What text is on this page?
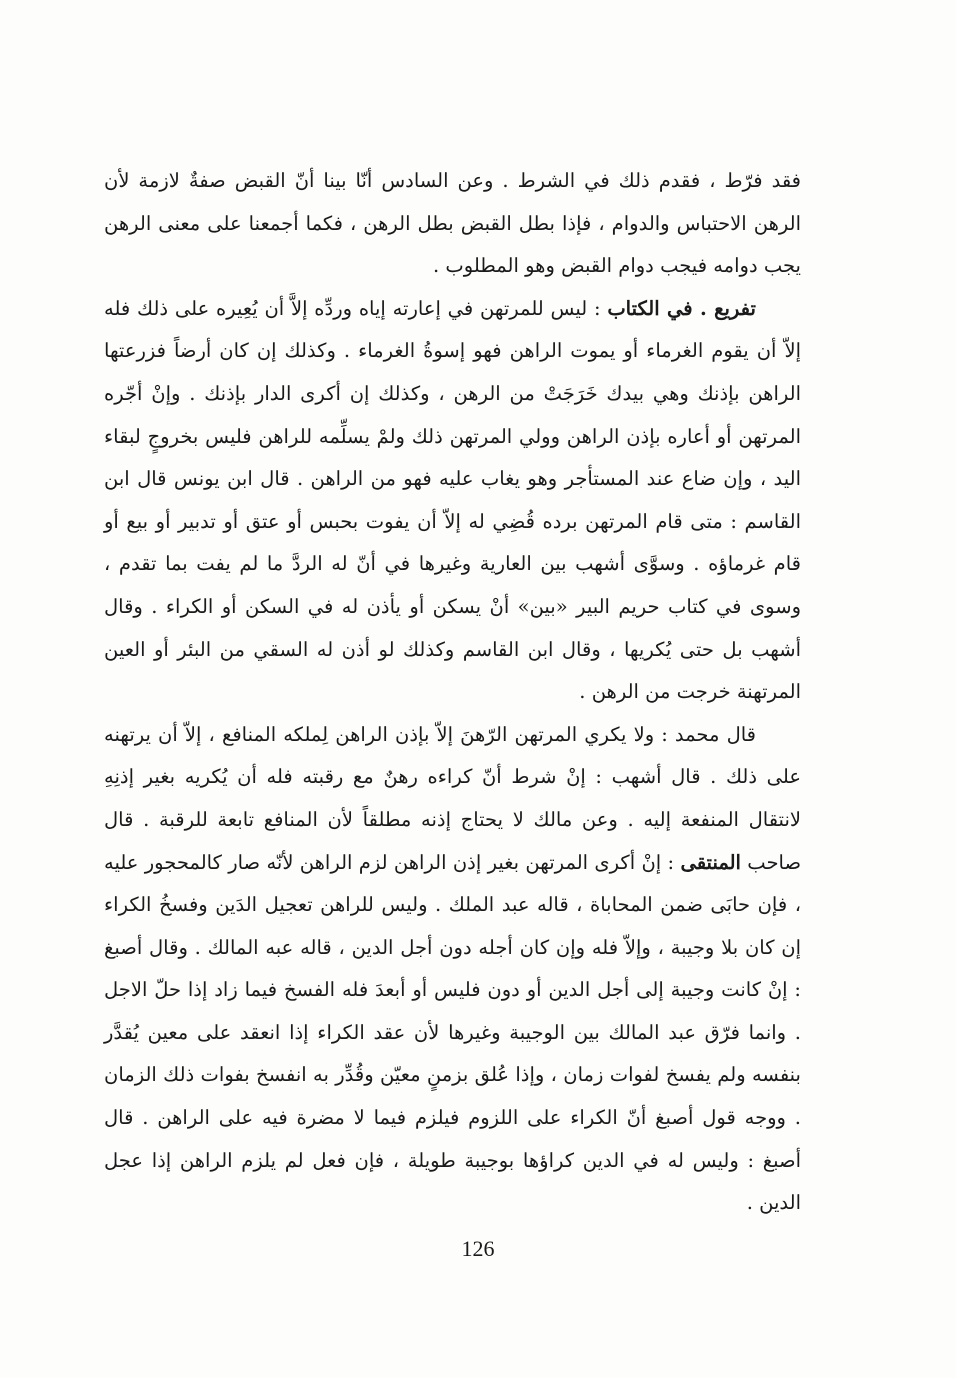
فقد فرّط ، فقدم ذلك في الشرط . وعن السادس أنّا بينا أنّ القبض صفةٌ لازمة لأن الرهن الاحتباس والدوام ، فإذا بطل القبض بطل الرهن ، فكما أجمعنا على معنى الرهن يجب دوامه فيجب دوام القبض وهو المطلوب .

تفريع . في الكتاب : ليس للمرتهن في إعارته إياه وردِّه إلاَّ أن يُعِيره على ذلك فله إلاّ أن يقوم الغرماء أو يموت الراهن فهو إسوةُ الغرماء . وكذلك إن كان أرضاً فزرعتها الراهن بإذنك وهي بيدك خَرَجَتْ من الرهن ، وكذلك إن أكرى الدار بإذنك . وإنْ أجّره المرتهن أو أعاره بإذن الراهن وولي المرتهن ذلك ولمْ يسلِّمه للراهن فليس بخروجٍ لبقاء اليد ، وإن ضاع عند المستأجر وهو يغاب عليه فهو من الراهن . قال ابن يونس قال ابن القاسم : متى قام المرتهن برده قُضِي له إلاّ أن يفوت بحبس أو عتق أو تدبير أو بيع أو قام غرماؤه . وسوَّى أشهب بين العارية وغيرها في أنّ له الردَّ ما لم يفت بما تقدم ، وسوى في كتاب حريم البير «بين» أنْ يسكن أو يأذن له في السكن أو الكراء . وقال أشهب بل حتى يُكريها ، وقال ابن القاسم وكذلك لو أذن له السقي من البئر أو العين المرتهنة خرجت من الرهن .

قال محمد : ولا يكري المرتهن الرّهنَ إلاّ بإذن الراهن لِملكه المنافع ، إلاّ أن يرتهنه على ذلك . قال أشهب : إنْ شرط أنّ كراءه رهنٌ مع رقبته فله أن يُكريه بغير إذنِهِ لانتقال المنفعة إليه . وعن مالك لا يحتاج إذنه مطلقاً لأن المنافع تابعة للرقبة . قال صاحب المنتقى : إنْ أكرى المرتهن بغير إذن الراهن لزم الراهن لأنّه صار كالمحجور عليه ، فإن حابَى ضمن المحاباة ، قاله عبد الملك . وليس للراهن تعجيل الدَين وفسخُ الكراء إن كان بلا وجيبة ، وإلاّ فله وإن كان أجله دون أجل الدين ، قاله عبه المالك . وقال أصبغ : إنْ كانت وجيبة إلى أجل الدين أو دون فليس أو أبعدَ فله الفسخ فيما زاد إذا حلّ الاجل . وانما فرّق عبد المالك بين الوجيبة وغيرها لأن عقد الكراء إذا انعقد على معين يُقدَّر بنفسه ولم يفسخ لفوات زمان ، وإذا عُلق بزمنٍ معيّن وقُدِّر به انفسخ بفوات ذلك الزمان . ووجه قول أصبغ أنّ الكراء على اللزوم فيلزم فيما لا مضرة فيه على الراهن . قال أصبغ : وليس له في الدين كراؤها بوجيبة طويلة ، فإن فعل لم يلزم الراهن إذا عجل الدين .

126
